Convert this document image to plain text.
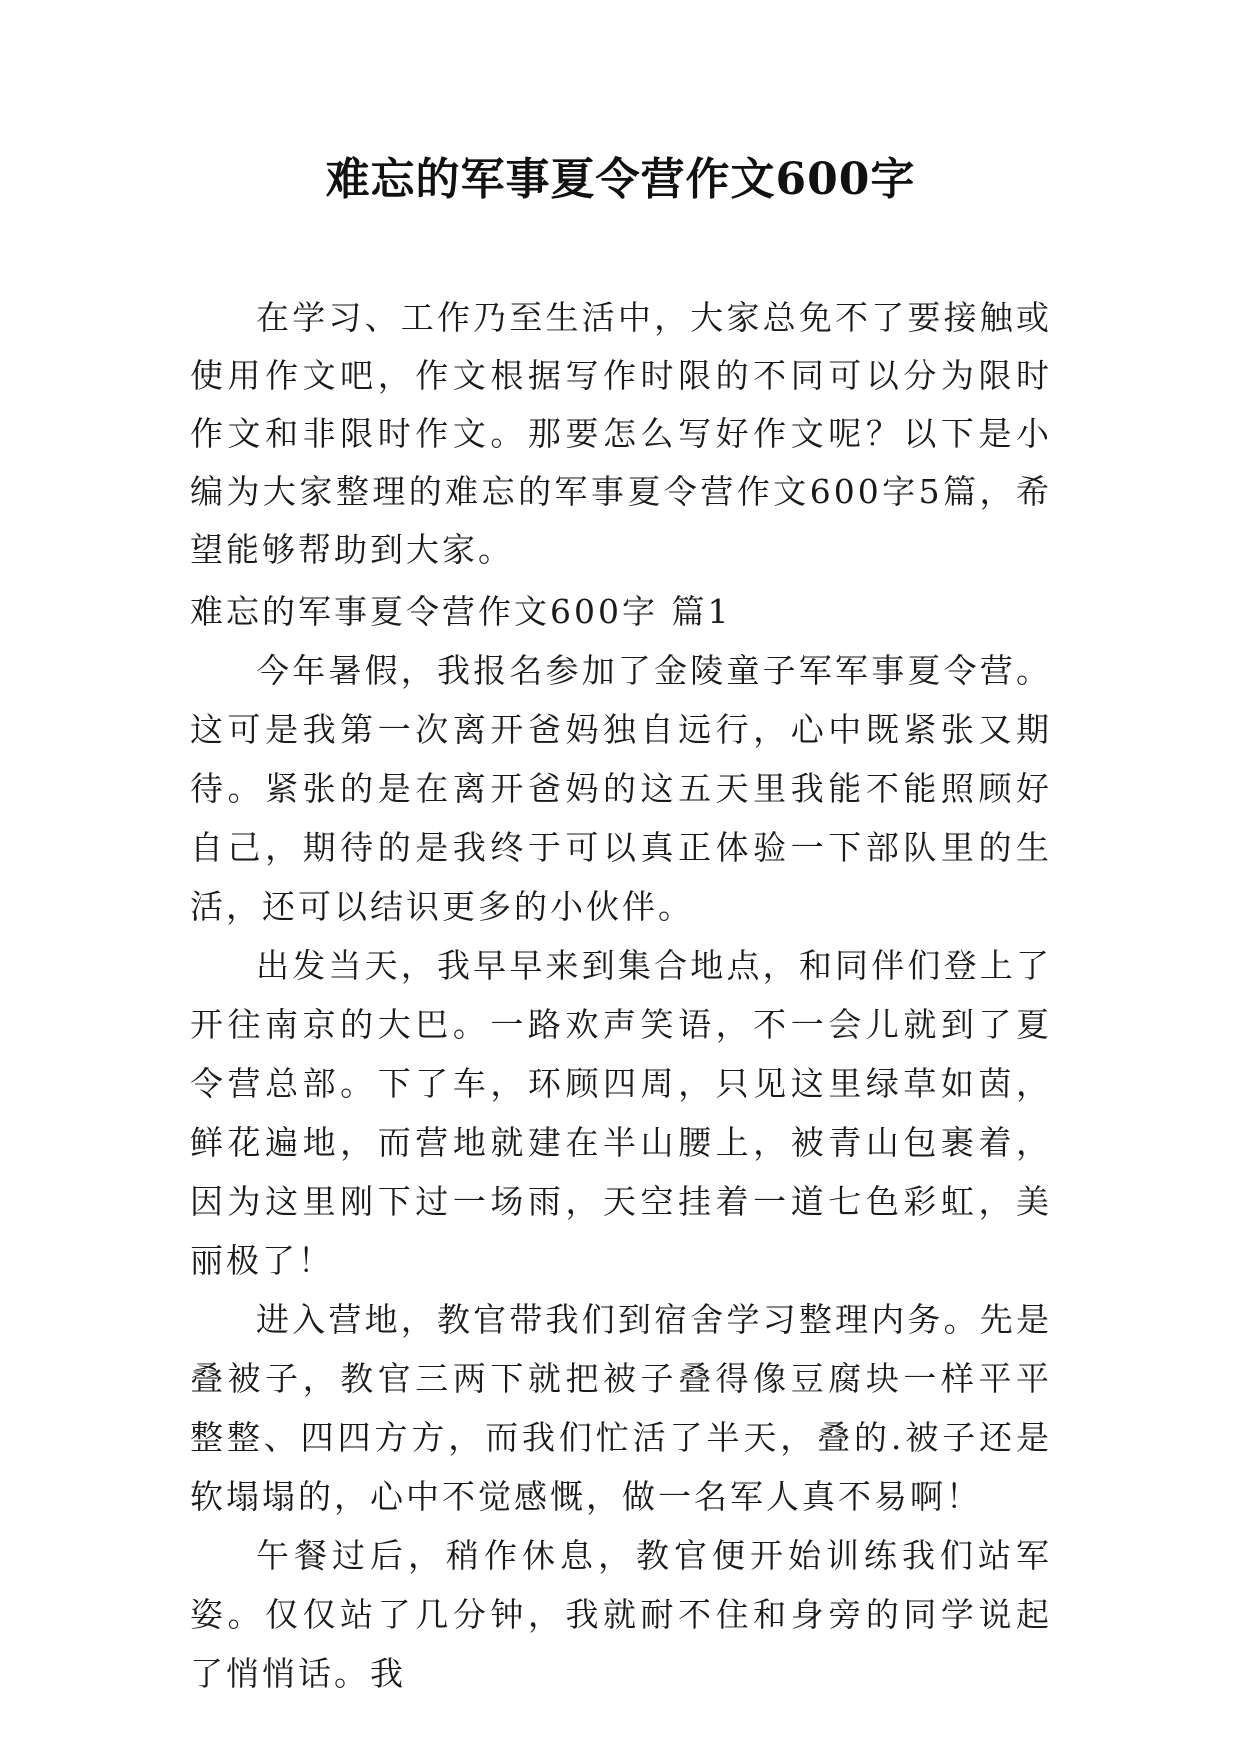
难忘的军事夏令营作文600字

在学习、工作乃至生活中，大家总免不了要接触或使用作文吧，作文根据写作时限的不同可以分为限时作文和非限时作文。那要怎么写好作文呢？以下是小编为大家整理的难忘的军事夏令营作文600字5篇，希望能够帮助到大家。

难忘的军事夏令营作文600字 篇1

今年暑假，我报名参加了金陵童子军军事夏令营。这可是我第一次离开爸妈独自远行，心中既紧张又期待。紧张的是在离开爸妈的这五天里我能不能照顾好自己，期待的是我终于可以真正体验一下部队里的生活，还可以结识更多的小伙伴。

出发当天，我早早来到集合地点，和同伴们登上了开往南京的大巴。一路欢声笑语，不一会儿就到了夏令营总部。下了车，环顾四周，只见这里绿草如茵，鲜花遍地，而营地就建在半山腰上，被青山包裹着，因为这里刚下过一场雨，天空挂着一道七色彩虹，美丽极了！

进入营地，教官带我们到宿舍学习整理内务。先是叠被子，教官三两下就把被子叠得像豆腐块一样平平整整、四四方方，而我们忙活了半天，叠的.被子还是软塌塌的，心中不觉感慨，做一名军人真不易啊！

午餐过后，稍作休息，教官便开始训练我们站军姿。仅仅站了几分钟，我就耐不住和身旁的同学说起了悄悄话。我
